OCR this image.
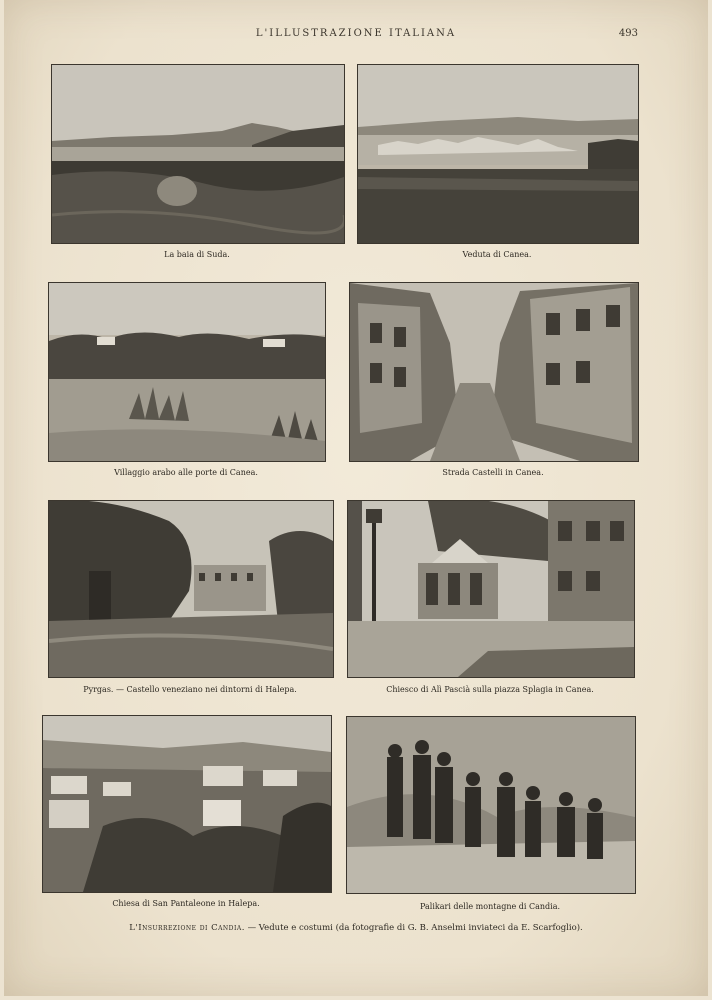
L'ILLUSTRAZIONE ITALIANA	493
La baia di Suda.	Veduta di Canea.
Villaggio arabo alle porte di Canea.	Strada Castelli in Canea.
Pyrgas. — Castello veneziano nei dintorni di Halepa.	Chiesco di Alì Pascià sulla piazza Splagia in Canea.
Chiesa di San Pantaleone in Halepa.	Palikari delle montagne di Candia.
L'Insurrezione di Candia. — Vedute e costumi (da fotografie di G. B. Anselmi inviateci da E. Scarfoglio).
